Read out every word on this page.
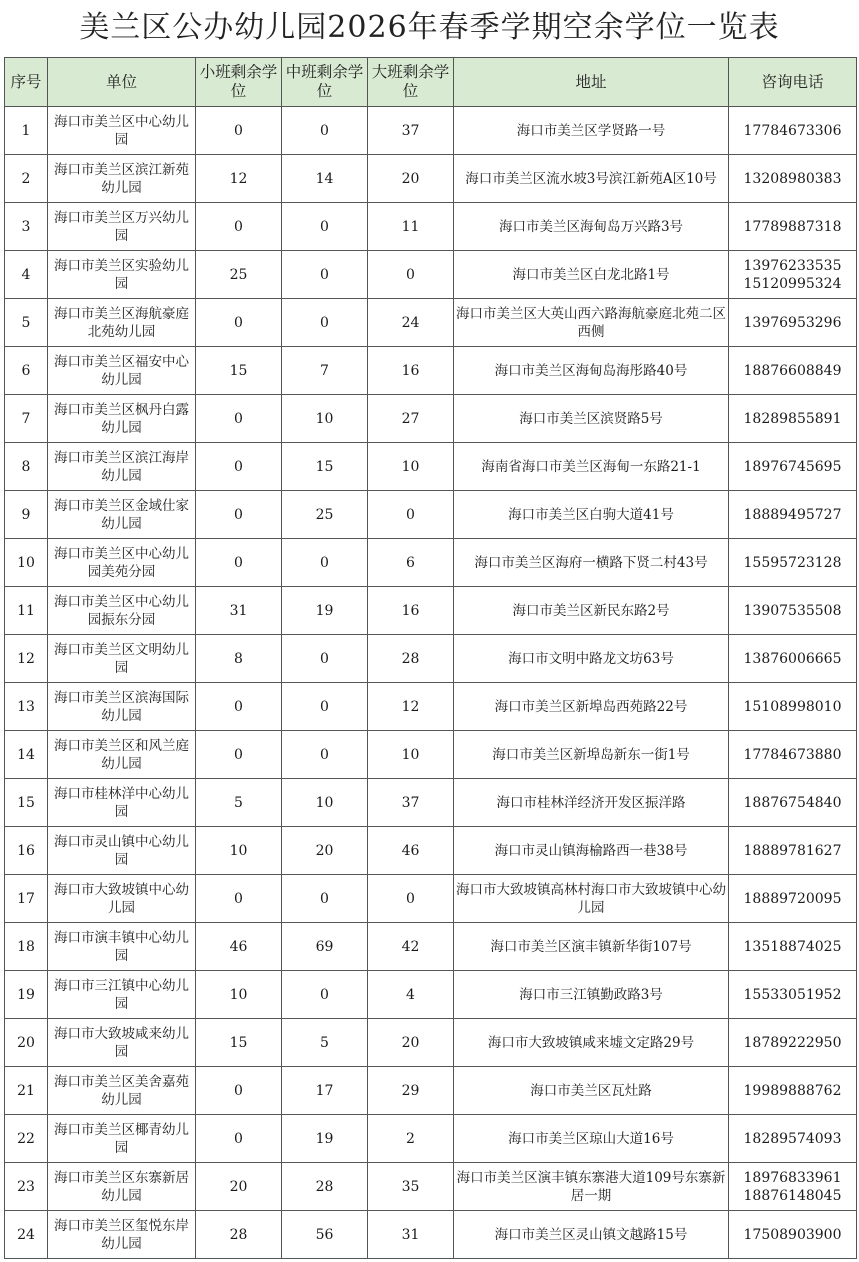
美兰区公办幼儿园2026年春季学期空余学位一览表
序号	单位	小班剩余学位	中班剩余学位	大班剩余学位	地址	咨询电话
1	海口市美兰区中心幼儿园	0	0	37	海口市美兰区学贤路一号	17784673306

2	海口市美兰区滨江新苑幼儿园	12	14	20	海口市美兰区流水坡3号滨江新苑A区10号	13208980383

3	海口市美兰区万兴幼儿园	0	0	11	海口市美兰区海甸岛万兴路3号	17789887318

4	海口市美兰区实验幼儿园	25	0	0	海口市美兰区白龙北路1号	13976233535
15120995324

5	海口市美兰区海航豪庭北苑幼儿园	0	0	24	海口市美兰区大英山西六路海航豪庭北苑二区西侧	13976953296

6	海口市美兰区福安中心幼儿园	15	7	16	海口市美兰区海甸岛海彤路40号	18876608849

7	海口市美兰区枫丹白露幼儿园	0	10	27	海口市美兰区滨贤路5号	18289855891

8	海口市美兰区滨江海岸幼儿园	0	15	10	海南省海口市美兰区海甸一东路21-1	18976745695

9	海口市美兰区金域仕家幼儿园	0	25	0	海口市美兰区白驹大道41号	18889495727

10	海口市美兰区中心幼儿园美苑分园	0	0	6	海口市美兰区海府一横路下贤二村43号	15595723128

11	海口市美兰区中心幼儿园振东分园	31	19	16	海口市美兰区新民东路2号	13907535508

12	海口市美兰区文明幼儿园	8	0	28	海口市文明中路龙文坊63号	13876006665

13	海口市美兰区滨海国际幼儿园	0	0	12	海口市美兰区新埠岛西苑路22号	15108998010

14	海口市美兰区和风兰庭幼儿园	0	0	10	海口市美兰区新埠岛新东一街1号	17784673880

15	海口市桂林洋中心幼儿园	5	10	37	海口市桂林洋经济开发区振洋路	18876754840

16	海口市灵山镇中心幼儿园	10	20	46	海口市灵山镇海榆路西一巷38号	18889781627

17	海口市大致坡镇中心幼儿园	0	0	0	海口市大致坡镇高林村海口市大致坡镇中心幼儿园	18889720095

18	海口市演丰镇中心幼儿园	46	69	42	海口市美兰区演丰镇新华街107号	13518874025

19	海口市三江镇中心幼儿园	10	0	4	海口市三江镇勤政路3号	15533051952

20	海口市大致坡咸来幼儿园	15	5	20	海口市大致坡镇咸来墟文定路29号	18789222950

21	海口市美兰区美舍嘉苑幼儿园	0	17	29	海口市美兰区瓦灶路	19989888762

22	海口市美兰区椰青幼儿园	0	19	2	海口市美兰区琼山大道16号	18289574093

23	海口市美兰区东寨新居幼儿园	20	28	35	海口市美兰区演丰镇东寨港大道109号东寨新居一期	18976833961
18876148045

24	海口市美兰区玺悦东岸幼儿园	28	56	31	海口市美兰区灵山镇文越路15号	17508903900
